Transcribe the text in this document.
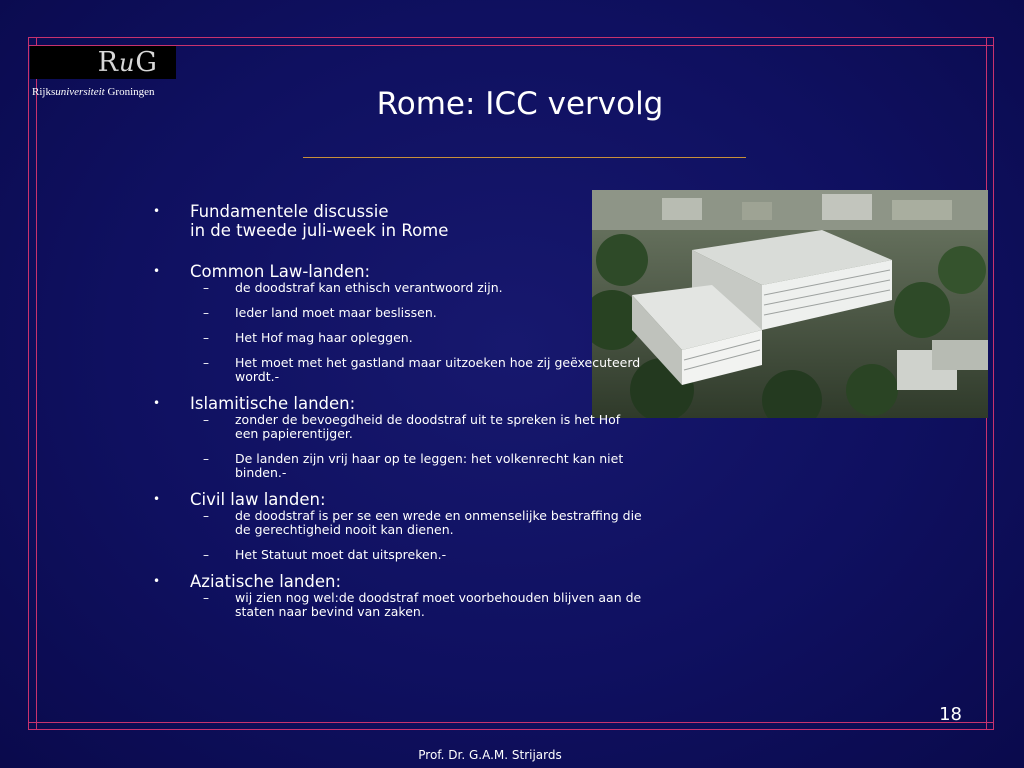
R u G
Rijksuniversiteit Groningen	Rome: ICC vervolg
•	Fundamentele discussie
in de tweede juli-week in Rome
•	Common Law-landen:
– de doodstraf kan ethisch verantwoord zijn.
– Ieder land moet maar beslissen.
– Het Hof mag haar opleggen.
– Het moet met het gastland maar uitzoeken hoe zij geëxecuteerd
wordt.-
•	Islamitische landen:
– zonder de bevoegdheid de doodstraf uit te spreken is het Hof
een papierentijger.
– De landen zijn vrij haar op te leggen: het volkenrecht kan niet
binden.-
•	Civil law landen:
– de doodstraf is per se een wrede en onmenselijke bestraffing die
de gerechtigheid nooit kan dienen.
– Het Statuut moet dat uitspreken.-
•	Aziatische landen:
– wij zien nog wel:de doodstraf moet voorbehouden blijven aan de
staten naar bevind van zaken.
18
Prof. Dr. G.A.M. Strijards
